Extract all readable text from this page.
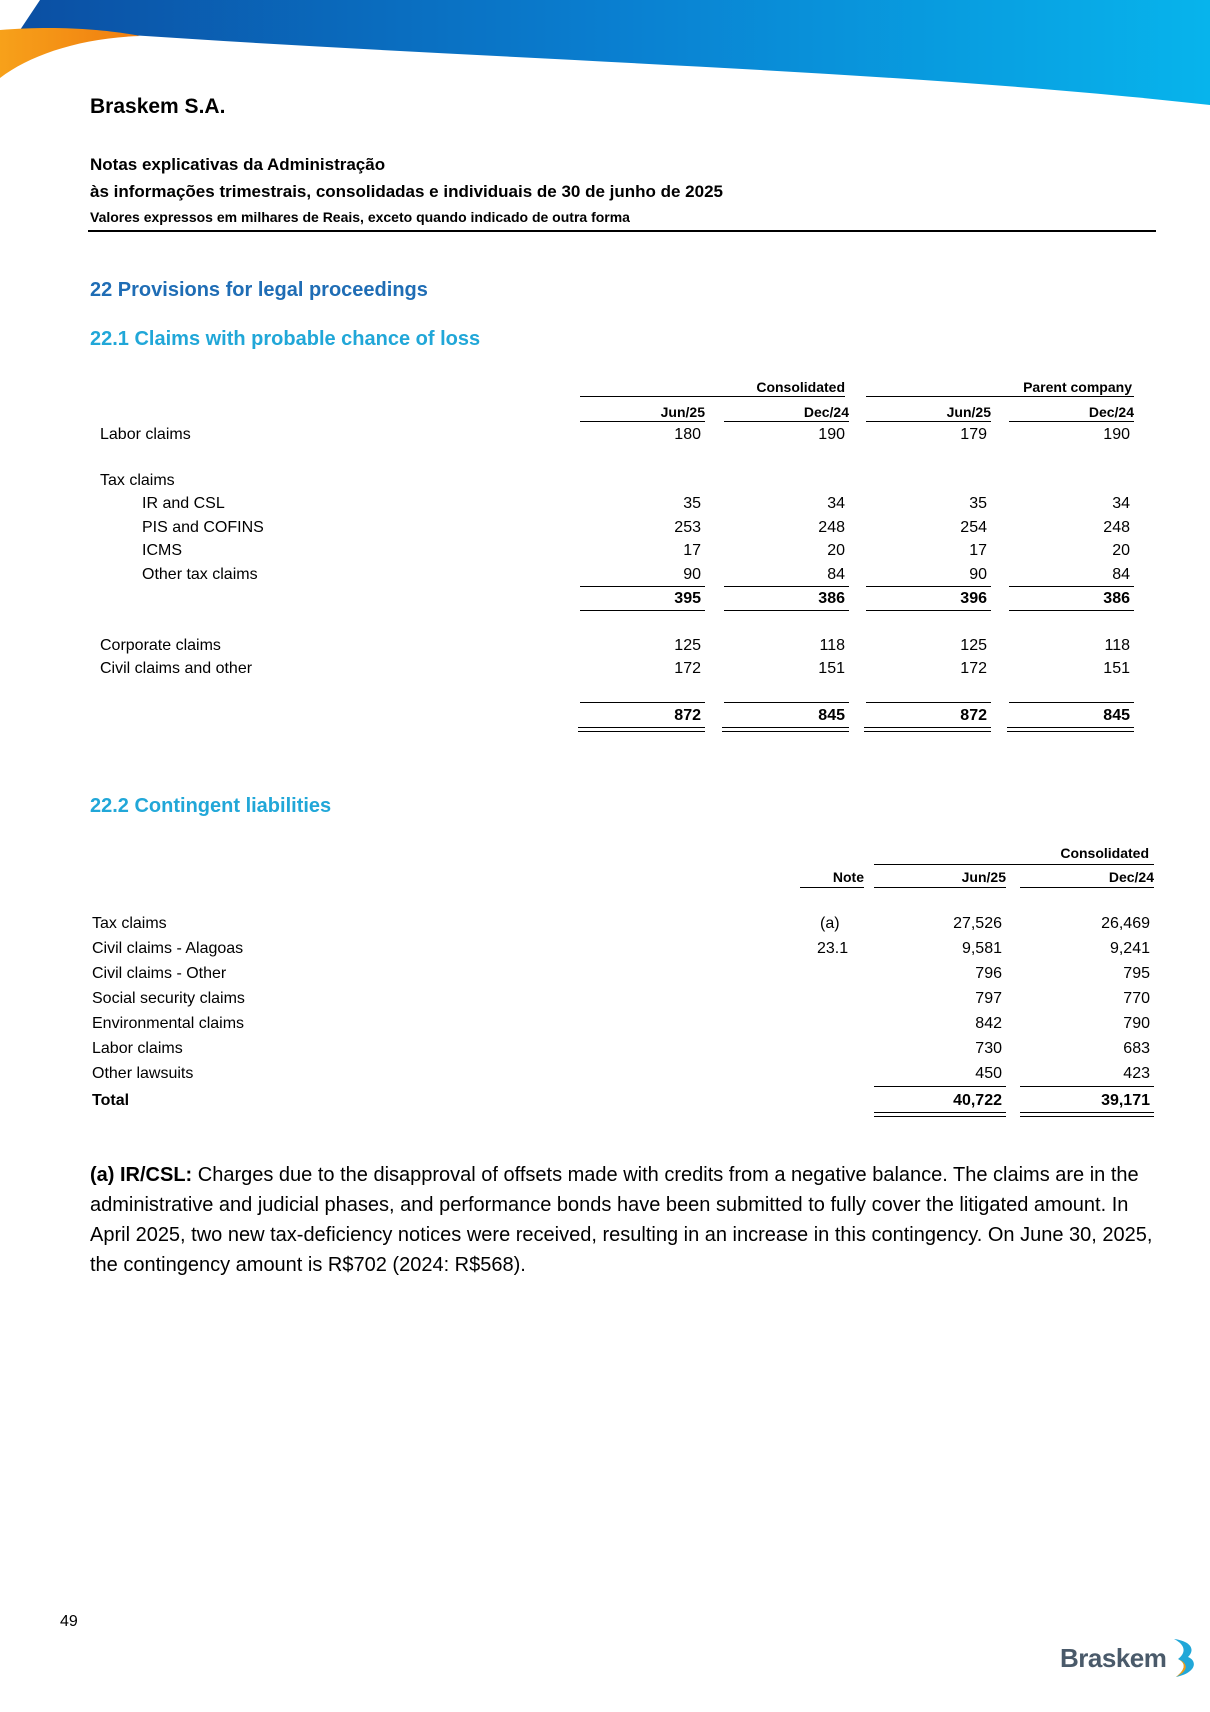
Braskem S.A.
Notas explicativas da Administração
às informações trimestrais, consolidadas e individuais de 30 de junho de 2025
Valores expressos em milhares de Reais, exceto quando indicado de outra forma
22 Provisions for legal proceedings
22.1 Claims with probable chance of loss
Consolidated	Parent company
Jun/25	Dec/24	Jun/25	Dec/24
Labor claims	180	190	179	190
Tax claims
IR and CSL	35	34	35	34
PIS and COFINS	253	248	254	248
ICMS	17	20	17	20
Other tax claims	90	84	90	84
395	386	396	386
Corporate claims	125	118	125	118
Civil claims and other	172	151	172	151
872	845	872	845
22.2 Contingent liabilities
Consolidated
Note	Jun/25	Dec/24
Tax claims	(a)	27,526	26,469
Civil claims - Alagoas	23.1	9,581	9,241
Civil claims - Other	796	795
Social security claims	797	770
Environmental claims	842	790
Labor claims	730	683
Other lawsuits	450	423
Total	40,722	39,171
(a) IR/CSL: Charges due to the disapproval of offsets made with credits from a negative balance. The claims are in the administrative and judicial phases, and performance bonds have been submitted to fully cover the litigated amount. In April 2025, two new tax-deficiency notices were received, resulting in an increase in this contingency. On June 30, 2025, the contingency amount is R$702 (2024: R$568).
49
Braskem
